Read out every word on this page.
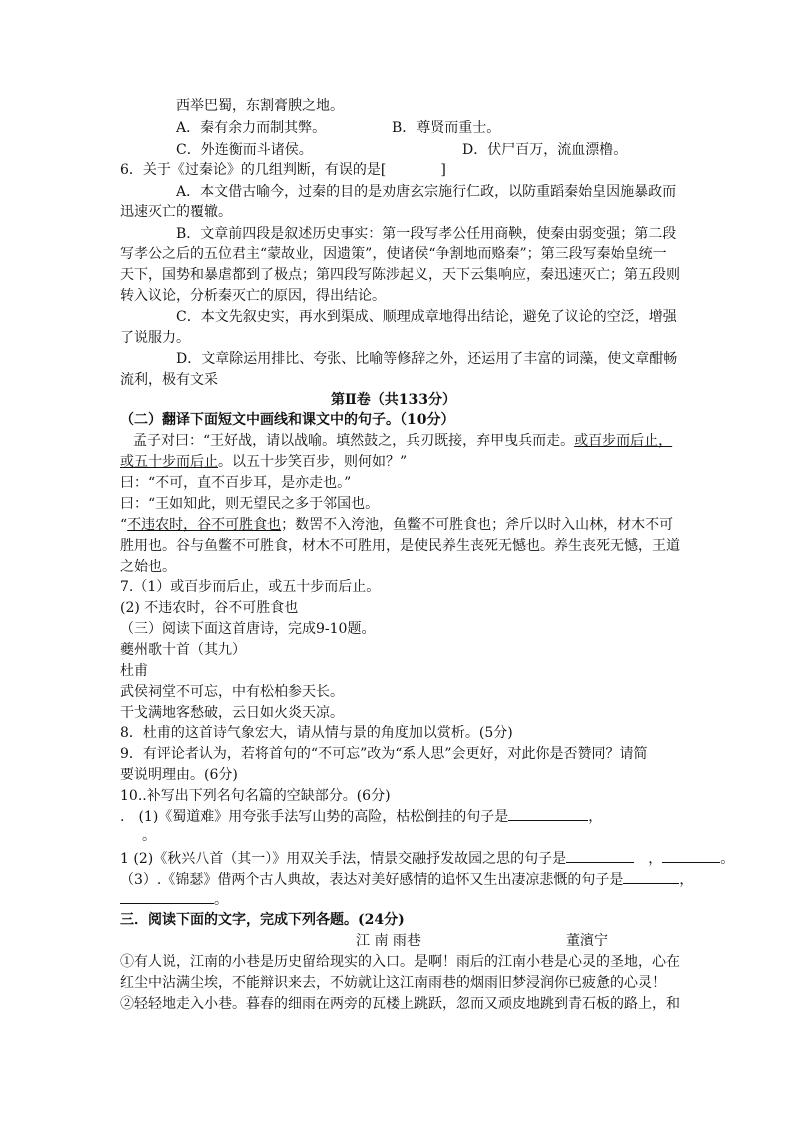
西举巴蜀，东割膏腴之地。
A．秦有余力而制其弊。	B．尊贤而重士。
C．外连衡而斗诸侯。	D．伏尸百万，流血漂橹。
6．关于《过秦论》的几组判断，有误的是[	]
A．本文借古喻今，过秦的目的是劝唐玄宗施行仁政，以防重蹈秦始皇因施暴政而
迅速灭亡的覆辙。
B．文章前四段是叙述历史事实：第一段写孝公任用商鞅，使秦由弱变强；第二段
写孝公之后的五位君主“蒙故业，因遗策”，使诸侯“争割地而赂秦”；第三段写秦始皇统一
天下，国势和暴虐都到了极点；第四段写陈涉起义，天下云集响应，秦迅速灭亡；第五段则
转入议论，分析秦灭亡的原因，得出结论。
C．本文先叙史实，再水到渠成、顺理成章地得出结论，避免了议论的空泛，增强
了说服力。
D．文章除运用排比、夸张、比喻等修辞之外，还运用了丰富的词藻，使文章酣畅
流利，极有文采
第Ⅱ卷（共133分）
（二）翻译下面短文中画线和课文中的句子。（10分）
孟子对曰：“王好战，请以战喻。填然鼓之，兵刃既接，弃甲曳兵而走。或百步而后止，
或五十步而后止。以五十步笑百步，则何如？”
曰：“不可，直不百步耳，是亦走也。”
曰：“王如知此，则无望民之多于邻国也。
“不违农时，谷不可胜食也；数罟不入洿池，鱼鳖不可胜食也；斧斤以时入山林，材木不可
胜用也。谷与鱼鳖不可胜食，材木不可胜用，是使民养生丧死无憾也。养生丧死无憾，王道
之始也。
7.（1）或百步而后止，或五十步而后止。
(2) 不违农时，谷不可胜食也
（三）阅读下面这首唐诗，完成9-10题。
夔州歌十首（其九）
杜甫
武侯祠堂不可忘，中有松柏参天长。
干戈满地客愁破，云日如火炎天凉。
8．杜甫的这首诗气象宏大，请从情与景的角度加以赏析。(5分)
9．有评论者认为，若将首句的“不可忘”改为“系人思”会更好，对此你是否赞同？请简
要说明理由。(6分)
10..补写出下列名句名篇的空缺部分。(6分)
.　(1)《蜀道难》用夸张手法写山势的高险，枯松倒挂的句子是	，
。
1 (2)《秋兴八首（其一）》用双关手法，情景交融抒发故园之思的句子是	，	。
（3）.《锦瑟》借两个古人典故，表达对美好感情的追怀又生出凄凉悲慨的句子是	，
。
三．阅读下面的文字，完成下列各题。(24分)
江 南 雨巷	董濱宁
①有人说，江南的小巷是历史留给现实的入口。是啊！雨后的江南小巷是心灵的圣地，心在
红尘中沾满尘埃，不能辩识来去，不妨就让这江南雨巷的烟雨旧梦浸润你已疲惫的心灵！
②轻轻地走入小巷。暮春的细雨在两旁的瓦楼上跳跃，忽而又顽皮地跳到青石板的路上，和
